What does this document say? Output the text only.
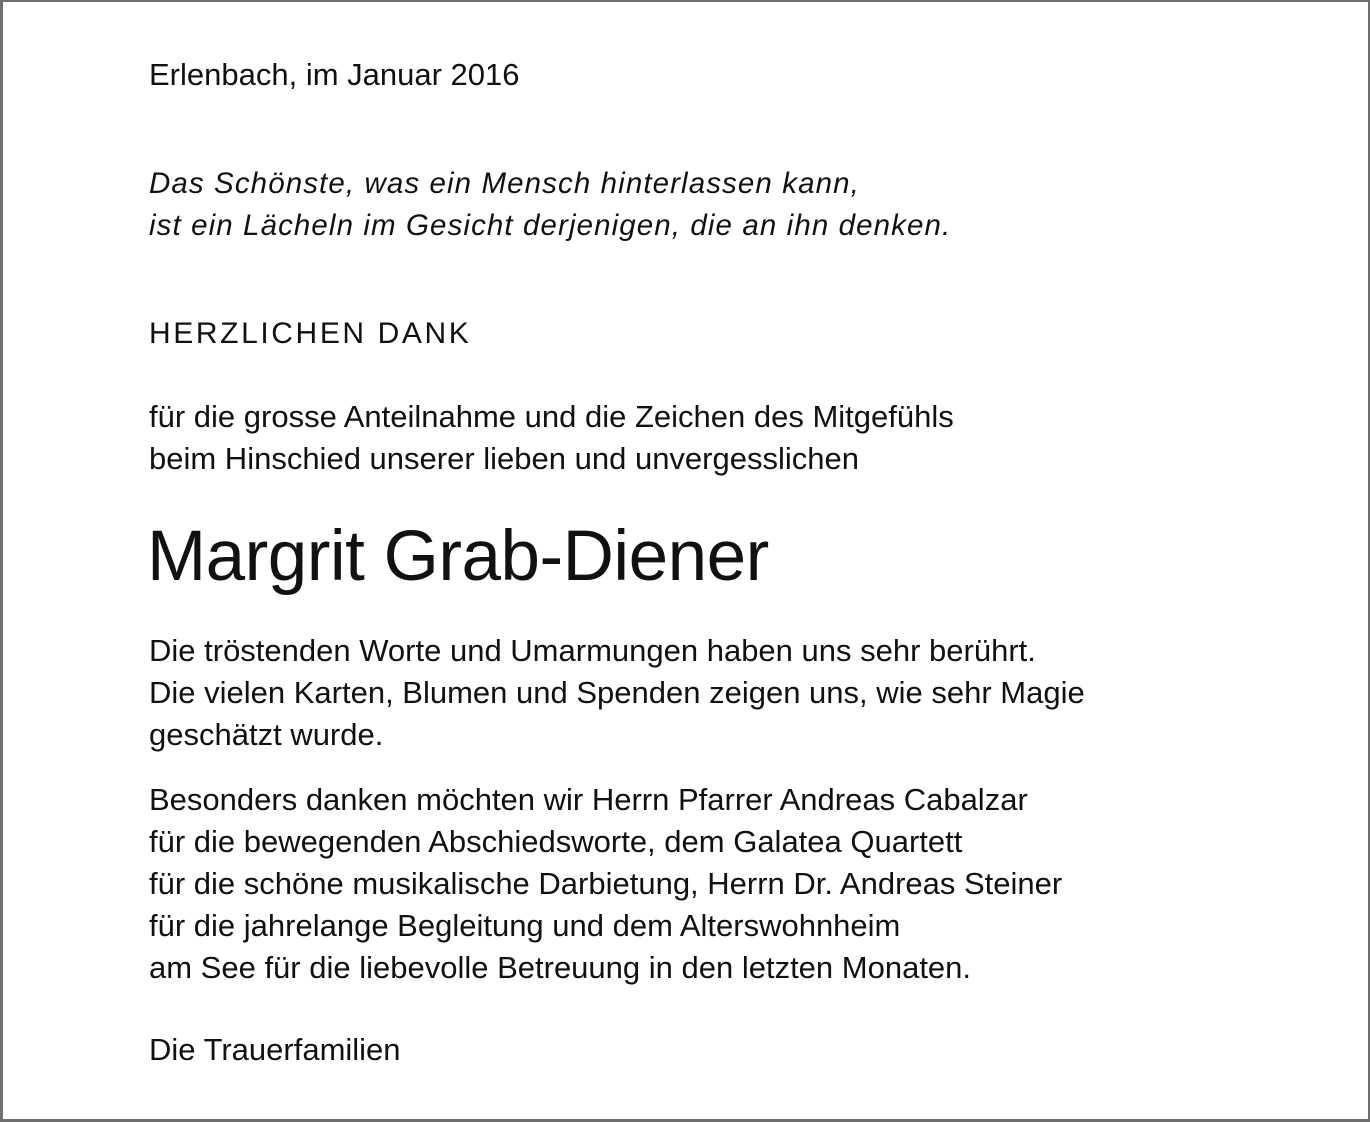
Erlenbach, im Januar 2016
Das Schönste, was ein Mensch hinterlassen kann,
ist ein Lächeln im Gesicht derjenigen, die an ihn denken.
HERZLICHEN DANK
für die grosse Anteilnahme und die Zeichen des Mitgefühls
beim Hinschied unserer lieben und unvergesslichen
Margrit Grab-Diener
Die tröstenden Worte und Umarmungen haben uns sehr berührt.
Die vielen Karten, Blumen und Spenden zeigen uns, wie sehr Magie
geschätzt wurde.
Besonders danken möchten wir Herrn Pfarrer Andreas Cabalzar
für die bewegenden Abschiedsworte, dem Galatea Quartett
für die schöne musikalische Darbietung, Herrn Dr. Andreas Steiner
für die jahrelange Begleitung und dem Alterswohnheim
am See für die liebevolle Betreuung in den letzten Monaten.
Die Trauerfamilien
